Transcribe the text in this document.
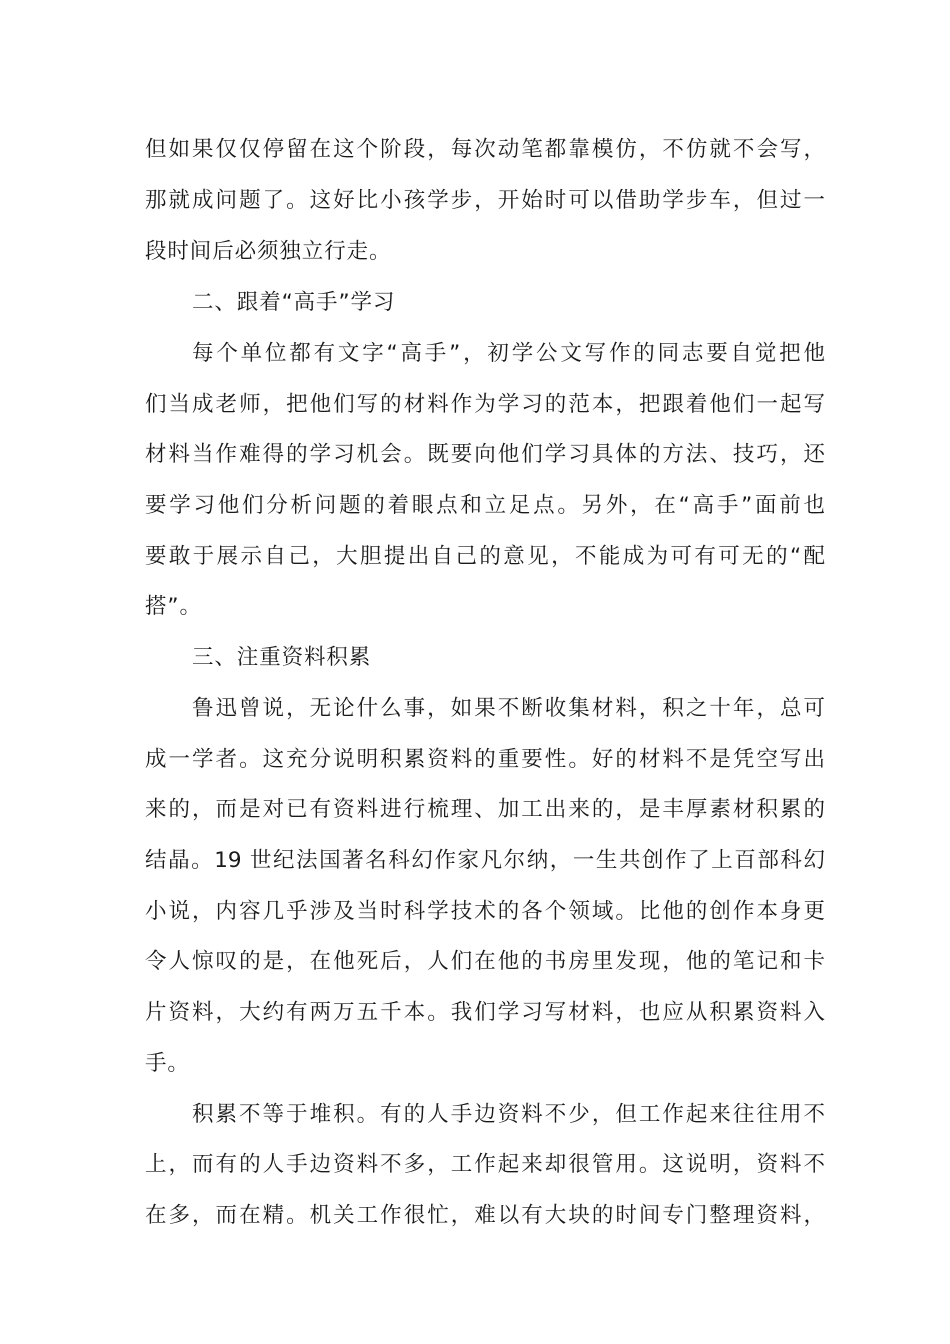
但如果仅仅停留在这个阶段，每次动笔都靠模仿，不仿就不会写，
那就成问题了。这好比小孩学步，开始时可以借助学步车，但过一
段时间后必须独立行走。
二、跟着“高手”学习
每个单位都有文字“高手”，初学公文写作的同志要自觉把他
们当成老师，把他们写的材料作为学习的范本，把跟着他们一起写
材料当作难得的学习机会。既要向他们学习具体的方法、技巧，还
要学习他们分析问题的着眼点和立足点。另外，在“高手”面前也
要敢于展示自己，大胆提出自己的意见，不能成为可有可无的“配
搭”。
三、注重资料积累
鲁迅曾说，无论什么事，如果不断收集材料，积之十年，总可
成一学者。这充分说明积累资料的重要性。好的材料不是凭空写出
来的，而是对已有资料进行梳理、加工出来的，是丰厚素材积累的
结晶。19 世纪法国著名科幻作家凡尔纳，一生共创作了上百部科幻
小说，内容几乎涉及当时科学技术的各个领域。比他的创作本身更
令人惊叹的是，在他死后，人们在他的书房里发现，他的笔记和卡
片资料，大约有两万五千本。我们学习写材料，也应从积累资料入
手。
积累不等于堆积。有的人手边资料不少，但工作起来往往用不
上，而有的人手边资料不多，工作起来却很管用。这说明，资料不
在多，而在精。机关工作很忙，难以有大块的时间专门整理资料，
